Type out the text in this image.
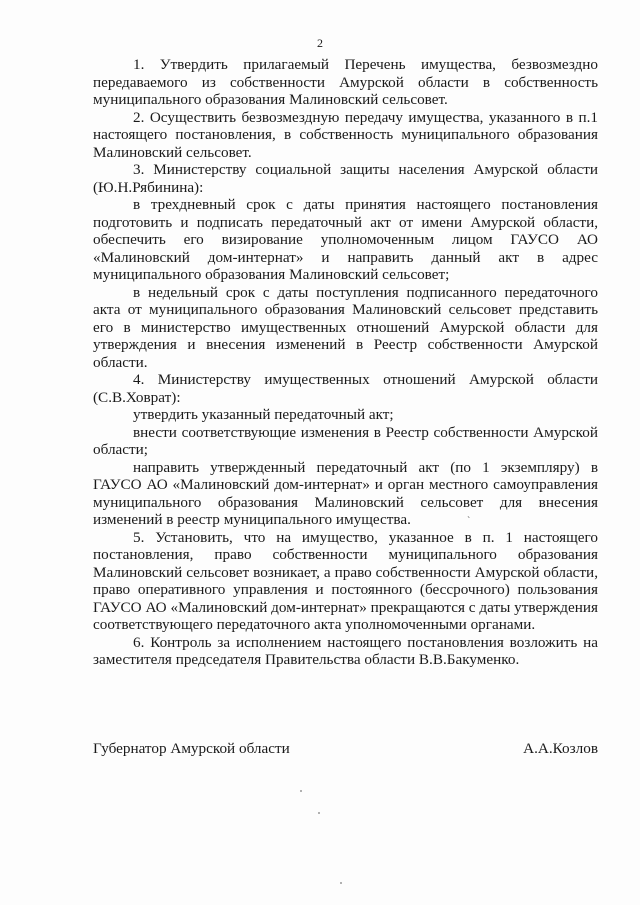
2

1. Утвердить прилагаемый Перечень имущества, безвозмездно передаваемого из собственности Амурской области в собственность муниципального образования Малиновский сельсовет.

2. Осуществить безвозмездную передачу имущества, указанного в п.1 настоящего постановления, в собственность муниципального образования Малиновский сельсовет.

3. Министерству социальной защиты населения Амурской области (Ю.Н.Рябинина):

в трехдневный срок с даты принятия настоящего постановления подготовить и подписать передаточный акт от имени Амурской области, обеспечить его визирование уполномоченным лицом ГАУСО АО «Малиновский дом-интернат» и направить данный акт в адрес муниципального образования Малиновский сельсовет;

в недельный срок с даты поступления подписанного передаточного акта от муниципального образования Малиновский сельсовет представить его в министерство имущественных отношений Амурской области для утверждения и внесения изменений в Реестр собственности Амурской области.

4. Министерству имущественных отношений Амурской области (С.В.Ховрат):

утвердить указанный передаточный акт;

внести соответствующие изменения в Реестр собственности Амурской области;

направить утвержденный передаточный акт (по 1 экземпляру) в ГАУСО АО «Малиновский дом-интернат» и орган местного самоуправления муниципального образования Малиновский сельсовет для внесения изменений в реестр муниципального имущества.

5. Установить, что на имущество, указанное в п. 1 настоящего постановления, право собственности муниципального образования Малиновский сельсовет возникает, а право собственности Амурской области, право оперативного управления и постоянного (бессрочного) пользования ГАУСО АО «Малиновский дом-интернат» прекращаются с даты утверждения соответствующего передаточного акта уполномоченными органами.

6. Контроль за исполнением настоящего постановления возложить на заместителя председателя Правительства области В.В.Бакуменко.

ˋ
Губернатор Амурской области	А.А.Козлов
